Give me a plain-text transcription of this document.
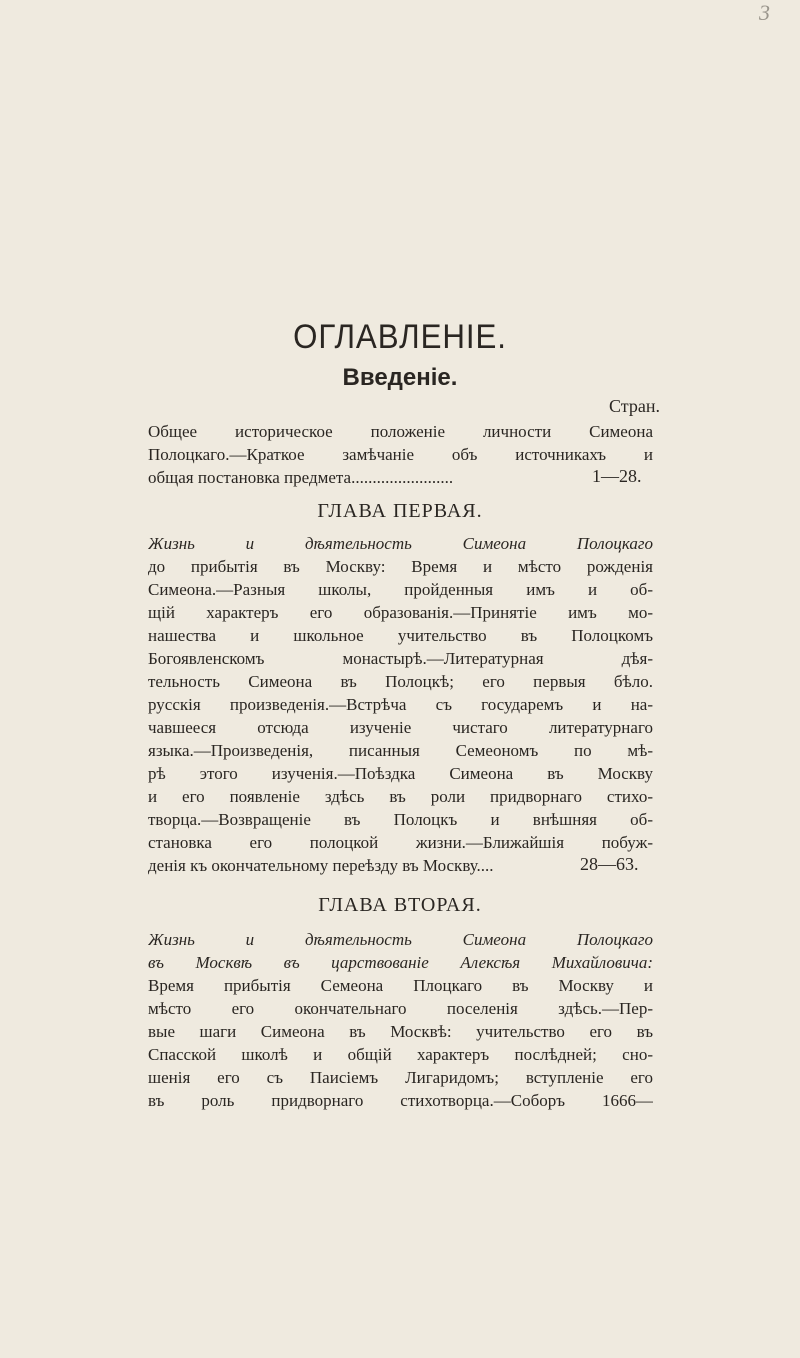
3
ОГЛАВЛЕНІЕ.
Введеніе.
Стран.
Общее историческое положеніе личности Симеона
Полоцкаго.—Краткое замѣчаніе объ источникахъ и
общая постановка предмета........................	1—28.
ГЛАВА ПЕРВАЯ.
Жизнь и дѣятельность Симеона Полоцкаго
до прибытія въ Москву: Время и мѣсто рожденія
Симеона.—Разныя школы, пройденныя имъ и об-
щій характеръ его образованія.—Принятіе имъ мо-
нашества и школьное учительство въ Полоцкомъ
Богоявленскомъ монастырѣ.—Литературная дѣя-
тельность Симеона въ Полоцкѣ; его первыя бѣло.
русскія произведенія.—Встрѣча съ государемъ и на-
чавшееся отсюда изученіе чистаго литературнаго
языка.—Произведенія, писанныя Семеономъ по мѣ-
рѣ этого изученія.—Поѣздка Симеона въ Москву
и его появленіе здѣсь въ роли придворнаго стихо-
творца.—Возвращеніе въ Полоцкъ и внѣшняя об-
становка его полоцкой жизни.—Ближайшія побуж-
денія къ окончательному переѣзду въ Москву....	28—63.
ГЛАВА ВТОРАЯ.
Жизнь и дѣятельность Симеона Полоцкаго
въ Москвѣ въ царствованіе Алексѣя Михайловича:
Время прибытія Семеона Плоцкаго въ Москву и
мѣсто его окончательнаго поселенія здѣсь.—Пер-
вые шаги Симеона въ Москвѣ: учительство его въ
Спасской школѣ и общій характеръ послѣдней; сно-
шенія его съ Паисіемъ Лигаридомъ; вступленіе его
въ роль придворнаго стихотворца.—Соборъ 1666—
